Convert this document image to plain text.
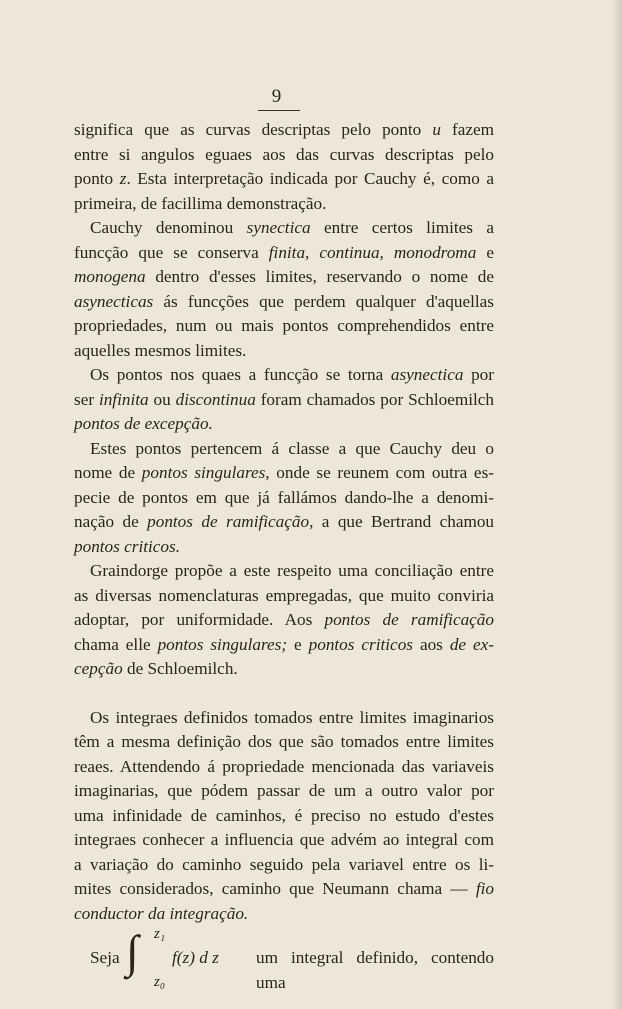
9
significa que as curvas descriptas pelo ponto u fazem
entre si angulos eguaes aos das curvas descriptas pelo
ponto z. Esta interpretação indicada por Cauchy é, como a
primeira, de facillima demonstração.
Cauchy denominou synectica entre certos limites a
funcção que se conserva finita, continua, monodroma e
monogena dentro d'esses limites, reservando o nome de
asynecticas ás funcções que perdem qualquer d'aquellas
propriedades, num ou mais pontos comprehendidos entre
aquelles mesmos limites.
Os pontos nos quaes a funcção se torna asynectica por
ser infinita ou discontinua foram chamados por Schloemilch
pontos de excepção.
Estes pontos pertencem á classe a que Cauchy deu o
nome de pontos singulares, onde se reunem com outra es-
pecie de pontos em que já fallámos dando-lhe a denomi-
nação de pontos de ramificação, a que Bertrand chamou
pontos criticos.
Graindorge propõe a este respeito uma conciliação entre
as diversas nomenclaturas empregadas, que muito conviria
adoptar, por uniformidade. Aos pontos de ramificação
chama elle pontos singulares; e pontos criticos aos de ex-
cepção de Schloemilch.
Os integraes definidos tomados entre limites imaginarios
têm a mesma definição dos que são tomados entre limites
reaes. Attendendo á propriedade mencionada das variaveis
imaginarias, que pódem passar de um a outro valor por
uma infinidade de caminhos, é preciso no estudo d'estes
integraes conhecer a influencia que advém ao integral com
a variação do caminho seguido pela variavel entre os li-
mites considerados, caminho que Neumann chama — fio
conductor da integração.
Seja ∫ z₁
z₀
f(z) d z um integral definido, contendo uma
